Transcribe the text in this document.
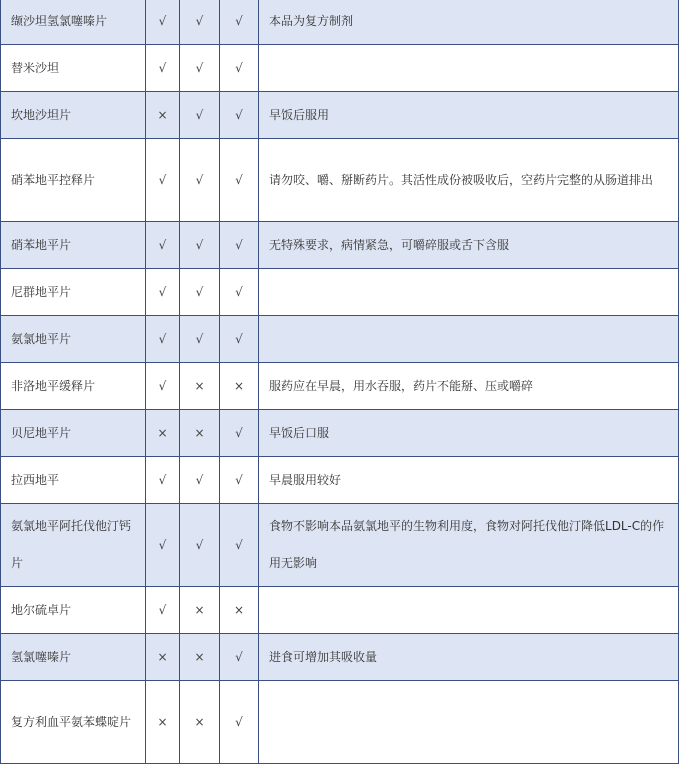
缬沙坦氢氯噻嗪片	√	√	√	本品为复方制剂
替米沙坦	√	√	√	
坎地沙坦片	×	√	√	早饭后服用
硝苯地平控释片	√	√	√	请勿咬、嚼、掰断药片。其活性成份被吸收后，空药片完整的从肠道排出
硝苯地平片	√	√	√	无特殊要求，病情紧急，可嚼碎服或舌下含服
尼群地平片	√	√	√	
氨氯地平片	√	√	√	
非洛地平缓释片	√	×	×	服药应在早晨，用水吞服，药片不能掰、压或嚼碎
贝尼地平片	×	×	√	早饭后口服
拉西地平	√	√	√	早晨服用较好
氨氯地平阿托伐他汀钙片	√	√	√	食物不影响本品氨氯地平的生物利用度，食物对阿托伐他汀降低LDL-C的作用无影响
地尔硫卓片	√	×	×	
氢氯噻嗪片	×	×	√	进食可增加其吸收量
复方利血平氨苯蝶啶片	×	×	√	
